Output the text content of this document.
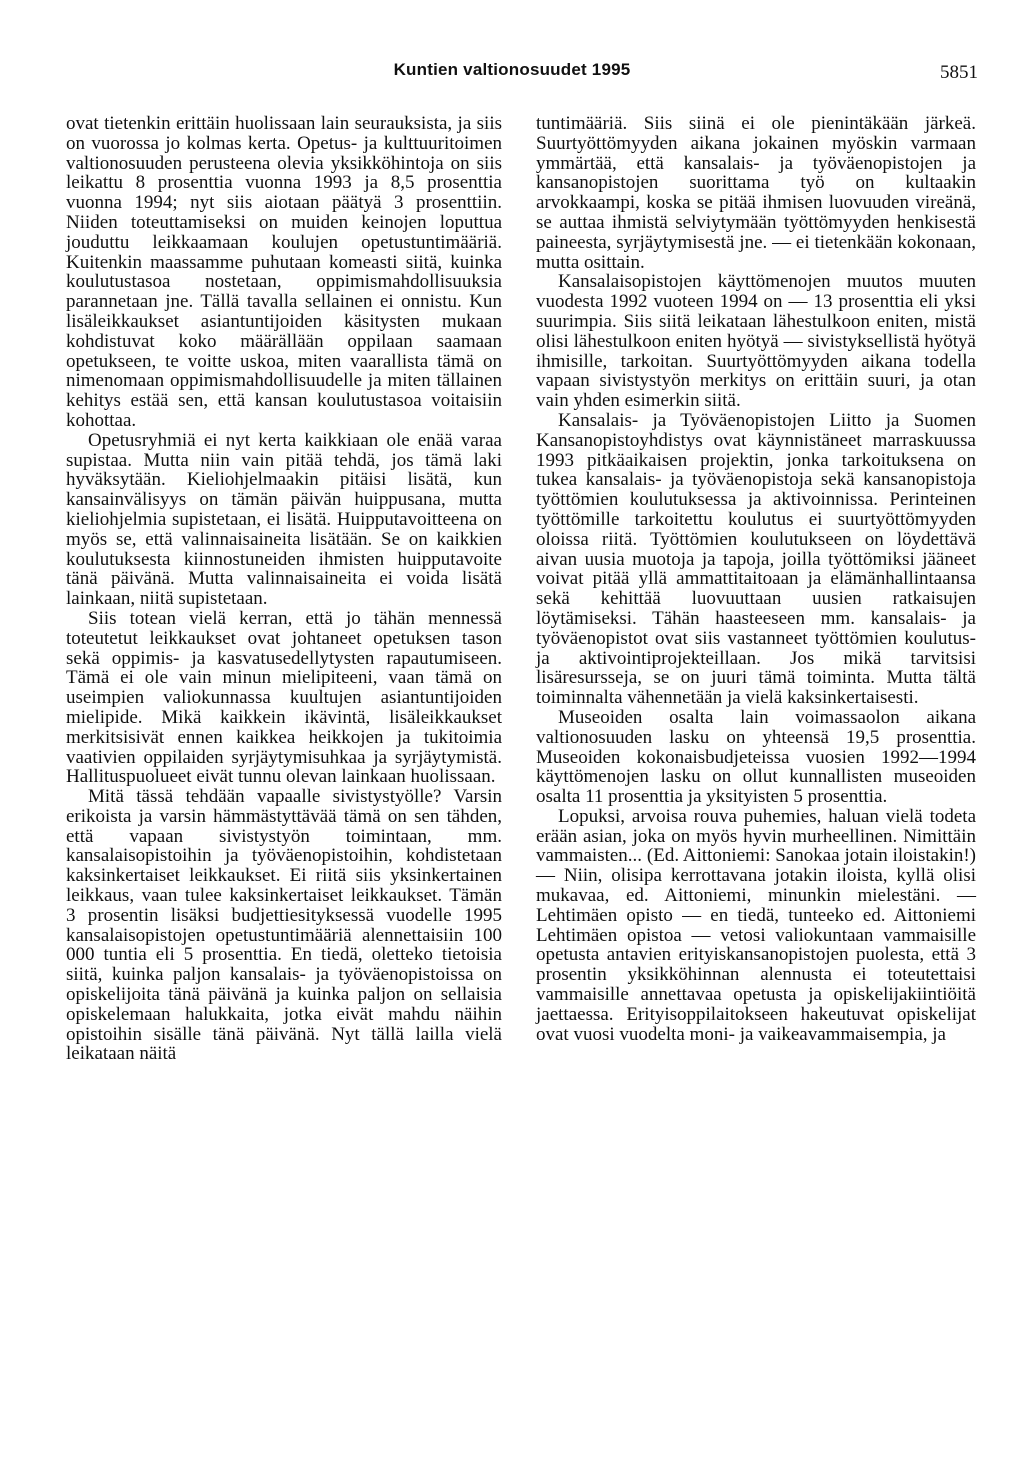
Kuntien valtionosuudet 1995	5851

ovat tietenkin erittäin huolissaan lain seurauksista, ja siis on vuorossa jo kolmas kerta. Opetus- ja kulttuuritoimen valtionosuuden perusteena olevia yksikköhintoja on siis leikattu 8 prosenttia vuonna 1993 ja 8,5 prosenttia vuonna 1994; nyt siis aiotaan päätyä 3 prosenttiin. Niiden toteuttamiseksi on muiden keinojen loputtua jouduttu leikkaamaan koulujen opetustuntimääriä. Kuitenkin maassamme puhutaan komeasti siitä, kuinka koulutustasoa nostetaan, oppimismahdollisuuksia parannetaan jne. Tällä tavalla sellainen ei onnistu. Kun lisäleikkaukset asiantuntijoiden käsitysten mukaan kohdistuvat koko määrällään oppilaan saamaan opetukseen, te voitte uskoa, miten vaarallista tämä on nimenomaan oppimismahdollisuudelle ja miten tällainen kehitys estää sen, että kansan koulutustasoa voitaisiin kohottaa.

Opetusryhmiä ei nyt kerta kaikkiaan ole enää varaa supistaa. Mutta niin vain pitää tehdä, jos tämä laki hyväksytään. Kieliohjelmaakin pitäisi lisätä, kun kansainvälisyys on tämän päivän huippusana, mutta kieliohjelmia supistetaan, ei lisätä. Huipputavoitteena on myös se, että valinnaisaineita lisätään. Se on kaikkien koulutuksesta kiinnostuneiden ihmisten huipputavoite tänä päivänä. Mutta valinnaisaineita ei voida lisätä lainkaan, niitä supistetaan.

Siis totean vielä kerran, että jo tähän mennessä toteutetut leikkaukset ovat johtaneet opetuksen tason sekä oppimis- ja kasvatusedellytysten rapautumiseen. Tämä ei ole vain minun mielipiteeni, vaan tämä on useimpien valiokunnassa kuultujen asiantuntijoiden mielipide. Mikä kaikkein ikävintä, lisäleikkaukset merkitsisivät ennen kaikkea heikkojen ja tukitoimia vaativien oppilaiden syrjäytymisuhkaa ja syrjäytymistä. Hallituspuolueet eivät tunnu olevan lainkaan huolissaan.

Mitä tässä tehdään vapaalle sivistystyölle? Varsin erikoista ja varsin hämmästyttävää tämä on sen tähden, että vapaan sivistystyön toimintaan, mm. kansalaisopistoihin ja työväenopistoihin, kohdistetaan kaksinkertaiset leikkaukset. Ei riitä siis yksinkertainen leikkaus, vaan tulee kaksinkertaiset leikkaukset. Tämän 3 prosentin lisäksi budjettiesityksessä vuodelle 1995 kansalaisopistojen opetustuntimääriä alennettaisiin 100 000 tuntia eli 5 prosenttia. En tiedä, oletteko tietoisia siitä, kuinka paljon kansalais- ja työväenopistoissa on opiskelijoita tänä päivänä ja kuinka paljon on sellaisia opiskelemaan halukkaita, jotka eivät mahdu näihin opistoihin sisälle tänä päivänä. Nyt tällä lailla vielä leikataan näitä

tuntimääriä. Siis siinä ei ole pienintäkään järkeä. Suurtyöttömyyden aikana jokainen myöskin varmaan ymmärtää, että kansalais- ja työväenopistojen ja kansanopistojen suorittama työ on kultaakin arvokkaampi, koska se pitää ihmisen luovuuden vireänä, se auttaa ihmistä selviytymään työttömyyden henkisestä paineesta, syrjäytymisestä jne. — ei tietenkään kokonaan, mutta osittain.

Kansalaisopistojen käyttömenojen muutos muuten vuodesta 1992 vuoteen 1994 on — 13 prosenttia eli yksi suurimpia. Siis siitä leikataan lähestulkoon eniten, mistä olisi lähestulkoon eniten hyötyä — sivistyksellistä hyötyä ihmisille, tarkoitan. Suurtyöttömyyden aikana todella vapaan sivistystyön merkitys on erittäin suuri, ja otan vain yhden esimerkin siitä.

Kansalais- ja Työväenopistojen Liitto ja Suomen Kansanopistoyhdistys ovat käynnistäneet marraskuussa 1993 pitkäaikaisen projektin, jonka tarkoituksena on tukea kansalais- ja työväenopistoja sekä kansanopistoja työttömien koulutuksessa ja aktivoinnissa. Perinteinen työttömille tarkoitettu koulutus ei suurtyöttömyyden oloissa riitä. Työttömien koulutukseen on löydettävä aivan uusia muotoja ja tapoja, joilla työttömiksi jääneet voivat pitää yllä ammattitaitoaan ja elämänhallintaansa sekä kehittää luovuuttaan uusien ratkaisujen löytämiseksi. Tähän haasteeseen mm. kansalais- ja työväenopistot ovat siis vastanneet työttömien koulutus- ja aktivointiprojekteillaan. Jos mikä tarvitsisi lisäresursseja, se on juuri tämä toiminta. Mutta tältä toiminnalta vähennetään ja vielä kaksinkertaisesti.

Museoiden osalta lain voimassaolon aikana valtionosuuden lasku on yhteensä 19,5 prosenttia. Museoiden kokonaisbudjeteissa vuosien 1992—1994 käyttömenojen lasku on ollut kunnallisten museoiden osalta 11 prosenttia ja yksityisten 5 prosenttia.

Lopuksi, arvoisa rouva puhemies, haluan vielä todeta erään asian, joka on myös hyvin murheellinen. Nimittäin vammaisten... (Ed. Aittoniemi: Sanokaa jotain iloistakin!) — Niin, olisipa kerrottavana jotakin iloista, kyllä olisi mukavaa, ed. Aittoniemi, minunkin mielestäni. — Lehtimäen opisto — en tiedä, tunteeko ed. Aittoniemi Lehtimäen opistoa — vetosi valiokuntaan vammaisille opetusta antavien erityiskansanopistojen puolesta, että 3 prosentin yksikköhinnan alennusta ei toteutettaisi vammaisille annettavaa opetusta ja opiskelijakiintiöitä jaettaessa. Erityisoppilaitokseen hakeutuvat opiskelijat ovat vuosi vuodelta moni- ja vaikeavammaisempia, ja
